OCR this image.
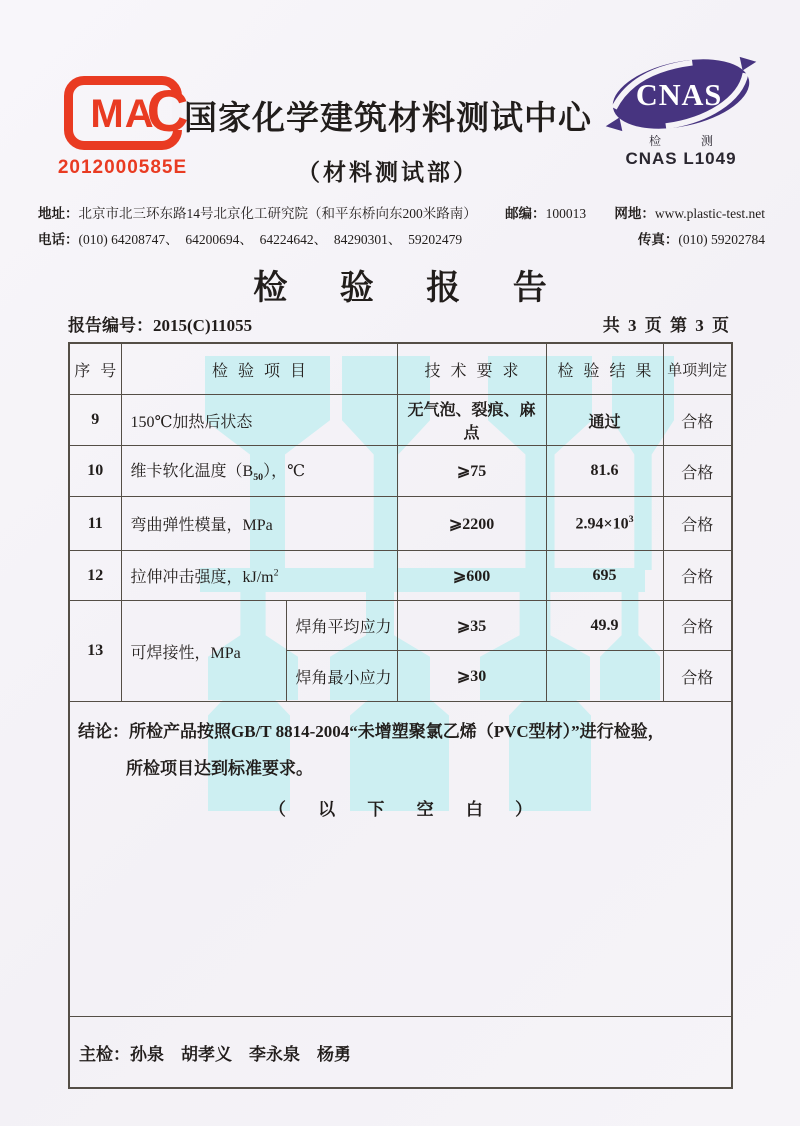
MA
C
2012000585E
国家化学建筑材料测试中心
（材料测试部）
CNAS
检　测
CNAS L1049
地址：北京市北三环东路14号北京化工研究院（和平东桥向东200米路南） 邮编：100013 网地：www.plastic-test.net
电话：(010) 64208747、　64200694、　64224642、　84290301、　59202479	传真：(010) 59202784
检 验 报 告
报告编号：2015(C)11055	共 3 页 第 3 页
序 号	检 验 项 目		技 术 要 求	检 验 结 果	单项判定
9	150℃加热后状态		无气泡、裂痕、麻点	通过	合格
10	维卡软化温度$(B_{50})$，℃		⩾75	81.6	合格
11	弯曲弹性模量，MPa		⩾2200	$2.94\times 10^3$	合格
12	拉伸冲击强度，$kJ/m^2$		⩾600	695	合格
13	可焊接性，MPa	焊角平均应力	⩾35	49.9	合格
		焊角最小应力	⩾30		合格

结论：所检产品按照GB/T 8814-2004“未增塑聚氯乙烯（PVC型材）”进行检验，
所检项目达到标准要求。
（ 以 下 空 白 ）					

主检：孙泉　胡孝义　李永泉　杨勇					
